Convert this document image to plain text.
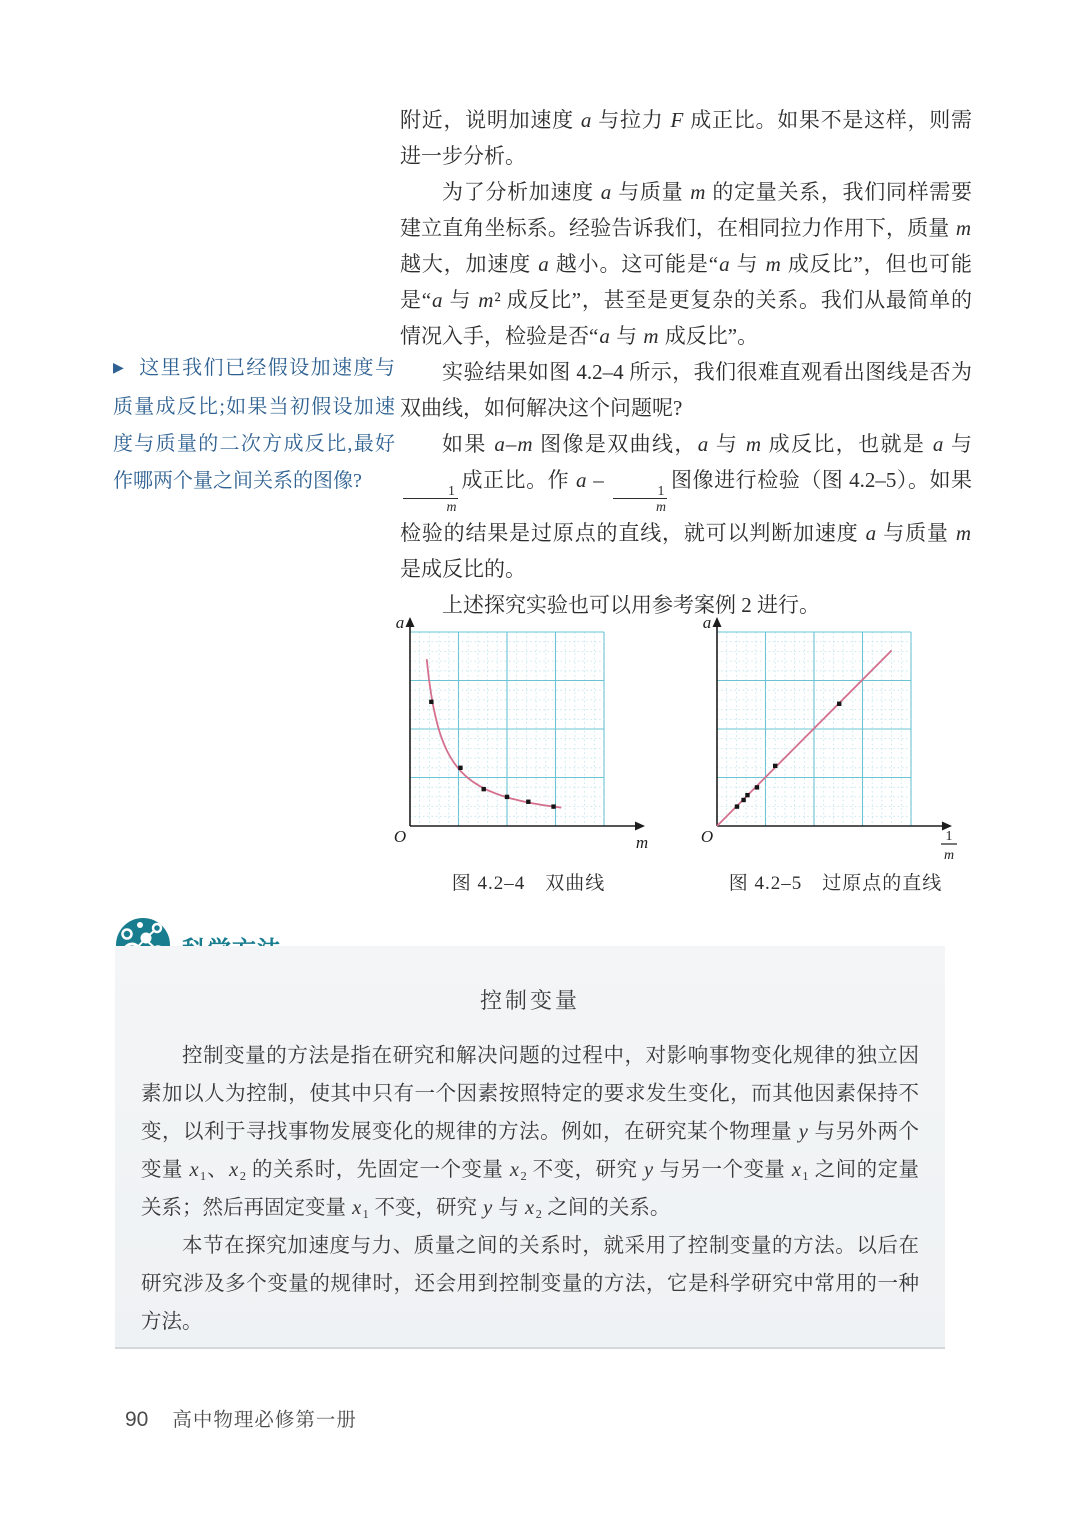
附近，说明加速度 a 与拉力 F 成正比。如果不是这样，则需进一步分析。

为了分析加速度 a 与质量 m 的定量关系，我们同样需要建立直角坐标系。经验告诉我们，在相同拉力作用下，质量 m 越大，加速度 a 越小。这可能是“a 与 m 成反比”，但也可能是“a 与 m² 成反比”，甚至是更复杂的关系。我们从最简单的情况入手，检验是否“a 与 m 成反比”。

实验结果如图 4.2–4 所示，我们很难直观看出图线是否为双曲线，如何解决这个问题呢?

如果 a–m 图像是双曲线，a 与 m 成反比，也就是 a 与
$\frac{1}{m}$
成正比。作 a –
$\frac{1}{m}$
图像进行检验（图 4.2–5）。如果检验的结果是过原点的直线，就可以判断加速度 a 与质量 m 是成反比的。

上述探究实验也可以用参考案例 2 进行。

▶ 这里我们已经假设加速度与质量成反比;如果当初假设加速度与质量的二次方成反比,最好作哪两个量之间关系的图像?
a
O	m
图 4.2–4　双曲线
a
O	1
m
图 4.2–5　过原点的直线
控制变量

控制变量的方法是指在研究和解决问题的过程中，对影响事物变化规律的独立因素加以人为控制，使其中只有一个因素按照特定的要求发生变化，而其他因素保持不变，以利于寻找事物发展变化的规律的方法。例如，在研究某个物理量 y 与另外两个变量 x₁、x₂ 的关系时，先固定一个变量 x₂ 不变，研究 y 与另一个变量 x₁ 之间的定量关系；然后再固定变量 x₁ 不变，研究 y 与 x₂ 之间的关系。

本节在探究加速度与力、质量之间的关系时，就采用了控制变量的方法。以后在研究涉及多个变量的规律时，还会用到控制变量的方法，它是科学研究中常用的一种方法。

90 高中物理必修第一册
